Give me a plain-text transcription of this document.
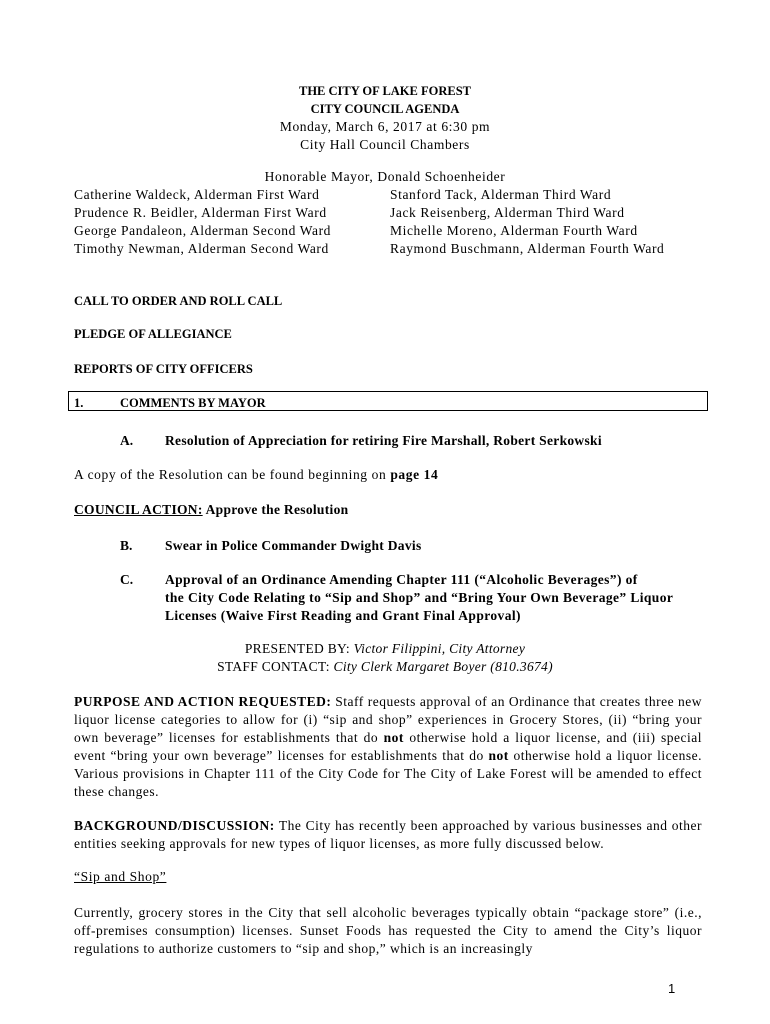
THE CITY OF LAKE FOREST
CITY COUNCIL AGENDA
Monday, March 6, 2017 at 6:30 pm
City Hall Council Chambers
Honorable Mayor, Donald Schoenheider
Catherine Waldeck, Alderman First Ward
Prudence R. Beidler, Alderman First Ward
George Pandaleon, Alderman Second Ward
Timothy Newman, Alderman Second Ward
Stanford Tack, Alderman Third Ward
Jack Reisenberg, Alderman Third Ward
Michelle Moreno, Alderman Fourth Ward
Raymond Buschmann, Alderman Fourth Ward
CALL TO ORDER AND ROLL CALL
PLEDGE OF ALLEGIANCE
REPORTS OF CITY OFFICERS
1.	COMMENTS BY MAYOR
A. Resolution of Appreciation for retiring Fire Marshall, Robert Serkowski
A copy of the Resolution can be found beginning on page 14
COUNCIL ACTION: Approve the Resolution
B. Swear in Police Commander Dwight Davis
C. Approval of an Ordinance Amending Chapter 111 (“Alcoholic Beverages”) of
the City Code Relating to “Sip and Shop” and “Bring Your Own Beverage” Liquor
Licenses (Waive First Reading and Grant Final Approval)
PRESENTED BY: Victor Filippini, City Attorney
STAFF CONTACT: City Clerk Margaret Boyer (810.3674)
PURPOSE AND ACTION REQUESTED: Staff requests approval of an Ordinance that creates three new liquor license categories to allow for (i) “sip and shop” experiences in Grocery Stores, (ii) “bring your own beverage” licenses for establishments that do not otherwise hold a liquor license, and (iii) special event “bring your own beverage” licenses for establishments that do not otherwise hold a liquor license. Various provisions in Chapter 111 of the City Code for The City of Lake Forest will be amended to effect these changes.
BACKGROUND/DISCUSSION: The City has recently been approached by various businesses and other entities seeking approvals for new types of liquor licenses, as more fully discussed below.
“Sip and Shop”
Currently, grocery stores in the City that sell alcoholic beverages typically obtain “package store” (i.e., off-premises consumption) licenses. Sunset Foods has requested the City to amend the City’s liquor regulations to authorize customers to “sip and shop,” which is an increasingly
1
